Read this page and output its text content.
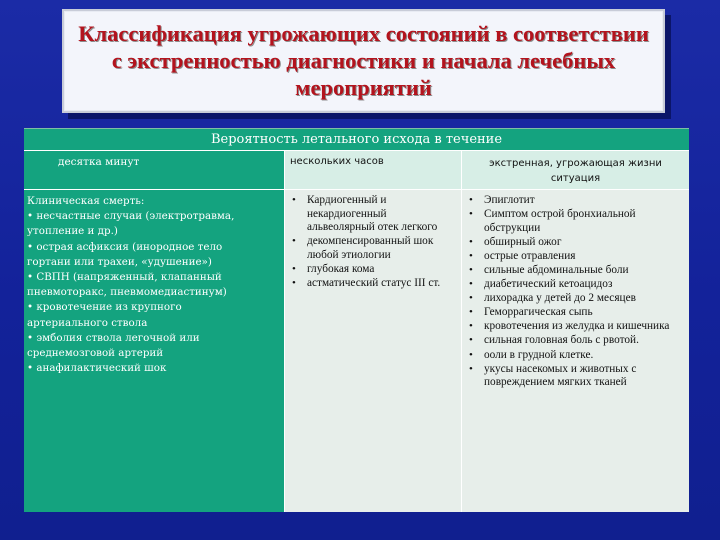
Классификация угрожающих состояний в соответствии с экстренностью диагностики и начала лечебных мероприятий
Вероятность летального исхода в течение
десятка минут	нескольких часов	экстренная, угрожающая жизни ситуация
Клиническая смерть:
• несчастные случаи (электротравма,
утопление и др.)
• острая асфиксия (инородное тело
гортани или трахеи, «удушение»)
• СВПН (напряженный, клапанный
пневмоторакс, пневмомедиастинум)
• кровотечение из крупного
артериального ствола
• эмболия ствола легочной или
среднемозговой артерий
• анафилактический шок
• Кардиогенный и некардиогенный альвеолярный отек легкого
• декомпенсированный шок любой этиологии
• глубокая кома
• астматический статус III ст.
• Эпиглотит
• Симптом острой бронхиальной обструкции
• обширный ожог
• острые отравления
• сильные абдоминальные боли
• диабетический кетоацидоз
• лихорадка у детей до 2 месяцев
• Геморрагическая сыпь
• кровотечения из желудка и кишечника
• сильная головная боль с рвотой.
• ооли в грудной клетке.
• укусы насекомых и животных с повреждением мягких тканей
